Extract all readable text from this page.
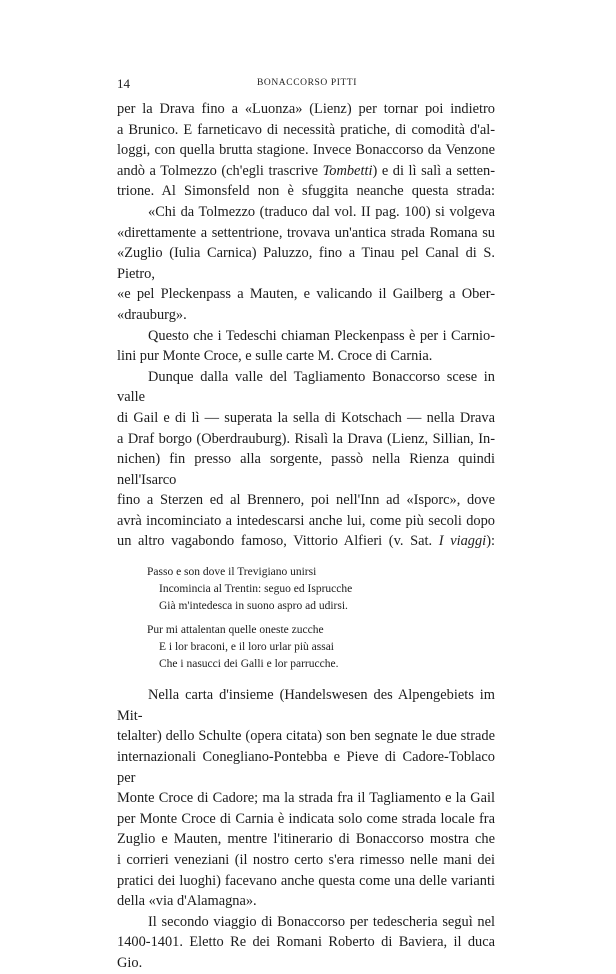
14	BONACCORSO PITTI

per la Drava fino a «Luonza» (Lienz) per tornar poi indietro

a Brunico. E farneticavo di necessità pratiche, di comodità d'al-

loggi, con quella brutta stagione. Invece Bonaccorso da Venzone

andò a Tolmezzo (ch'egli trascrive Tombetti) e di lì salì a setten-

trione. Al Simonsfeld non è sfuggita neanche questa strada:

«Chi da Tolmezzo (traduco dal vol. II pag. 100) si volgeva

«direttamente a settentrione, trovava un'antica strada Romana su

«Zuglio (Iulia Carnica) Paluzzo, fino a Tinau pel Canal di S. Pietro,

«e pel Pleckenpass a Mauten, e valicando il Gailberg a Ober-

«drauburg».

Questo che i Tedeschi chiaman Pleckenpass è per i Carnio-

lini pur Monte Croce, e sulle carte M. Croce di Carnia.

Dunque dalla valle del Tagliamento Bonaccorso scese in valle

di Gail e di lì — superata la sella di Kotschach — nella Drava

a Draf borgo (Oberdrauburg). Risalì la Drava (Lienz, Sillian, In-

nichen) fin presso alla sorgente, passò nella Rienza quindi nell'Isarco

fino a Sterzen ed al Brennero, poi nell'Inn ad «Isporc», dove

avrà incominciato a intedescarsi anche lui, come più secoli dopo

un altro vagabondo famoso, Vittorio Alfieri (v. Sat. I viaggi):

Passo e son dove il Trevigiano unirsi
Incomincia al Trentin: seguo ed Isprucche
Già m'intedesca in suono aspro ad udirsi.
Pur mi attalentan quelle oneste zucche
E i lor braconi, e il loro urlar più assai
Che i nasucci dei Galli e lor parrucche.

Nella carta d'insieme (Handelswesen des Alpengebiets im Mit-

telalter) dello Schulte (opera citata) son ben segnate le due strade

internazionali Conegliano-Pontebba e Pieve di Cadore-Toblaco per

Monte Croce di Cadore; ma la strada fra il Tagliamento e la Gail

per Monte Croce di Carnia è indicata solo come strada locale fra

Zuglio e Mauten, mentre l'itinerario di Bonaccorso mostra che

i corrieri veneziani (il nostro certo s'era rimesso nelle mani dei

pratici dei luoghi) facevano anche questa come una delle varianti

della «via d'Alamagna».

Il secondo viaggio di Bonaccorso per tedescheria seguì nel

1400-1401. Eletto Re dei Romani Roberto di Baviera, il duca Gio.
